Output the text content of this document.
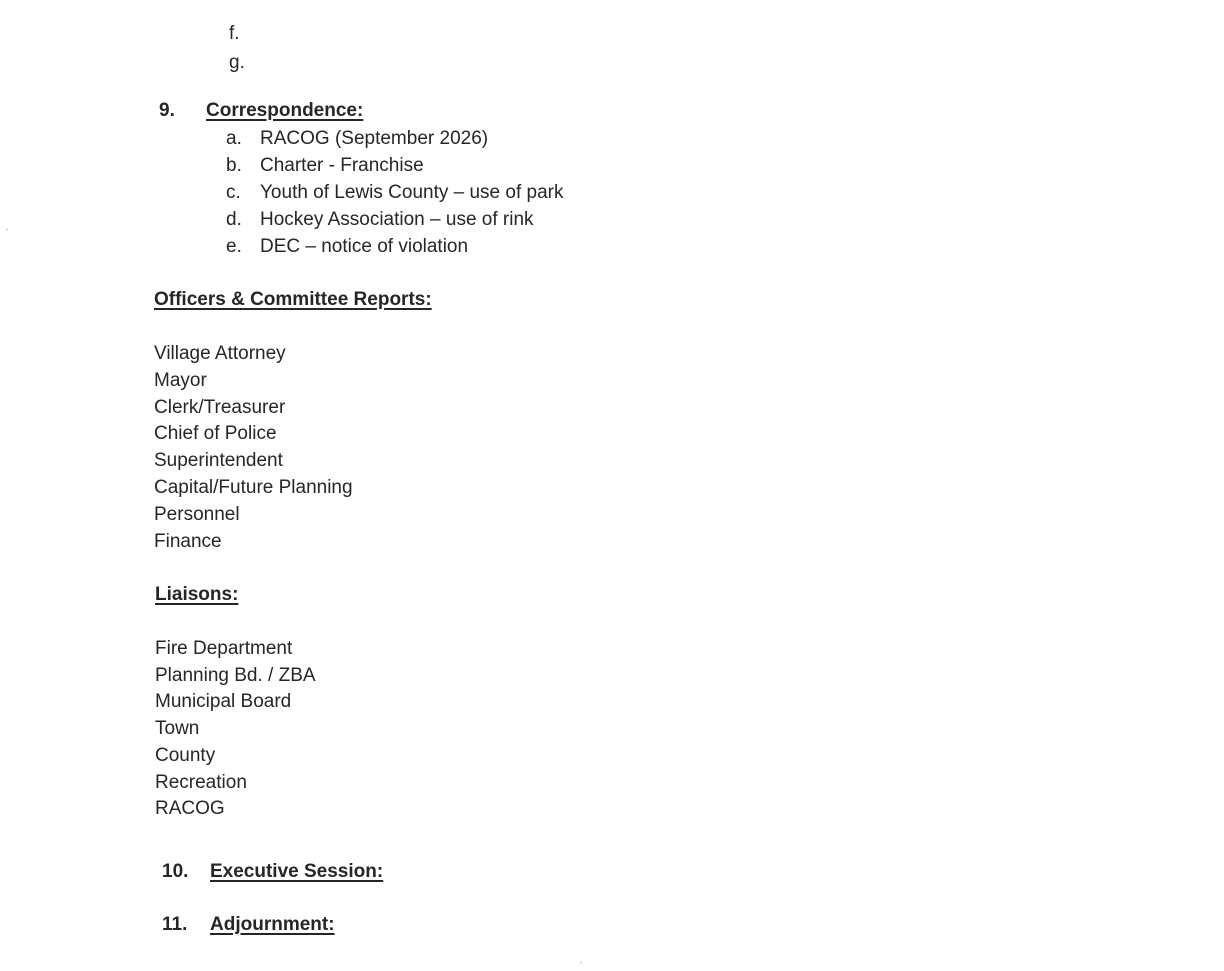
f.
g.
9. Correspondence:
a. RACOG (September 2026)
b. Charter - Franchise
c. Youth of Lewis County – use of park
d. Hockey Association – use of rink
e. DEC – notice of violation
Officers & Committee Reports:
Village Attorney
Mayor
Clerk/Treasurer
Chief of Police
Superintendent
Capital/Future Planning
Personnel
Finance
Liaisons:
Fire Department
Planning Bd. / ZBA
Municipal Board
Town
County
Recreation
RACOG
10. Executive Session:
11. Adjournment:
